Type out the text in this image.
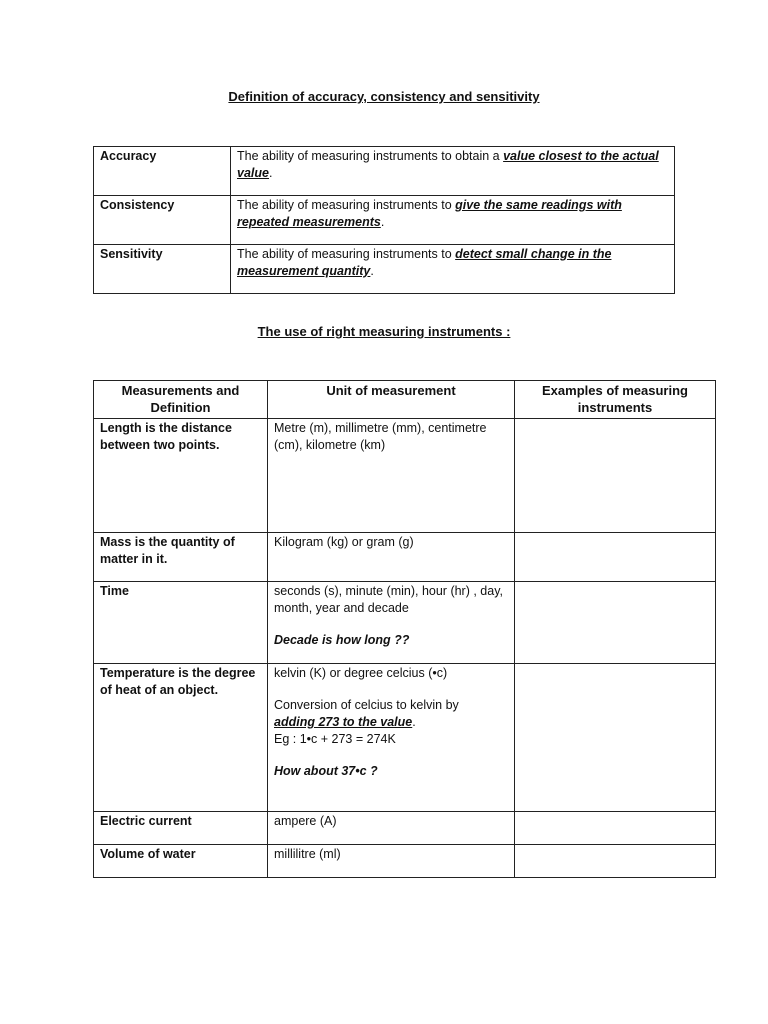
Definition of accuracy, consistency and sensitivity
Accuracy	The ability of measuring instruments to obtain a value closest to the actual value.
Consistency	The ability of measuring instruments to give the same readings with repeated measurements.
Sensitivity	The ability of measuring instruments to detect small change in the measurement quantity.
The use of right measuring instruments :
Measurements and Definition	Unit of measurement	Examples of measuring instruments
Length is the distance between two points.	Metre (m), millimetre (mm), centimetre (cm), kilometre (km)	
Mass is the quantity of matter in it.	Kilogram (kg) or gram (g)	
Time	seconds (s), minute (min), hour (hr) , day, month, year and decade
Decade is how long ??	

Temperature is the degree of heat of an object.	kelvin (K) or degree celcius (•c)
Conversion of celcius to kelvin by
adding 273 to the value.
Eg : 1•c + 273 = 274K
How about 37•c ?	

Electric current	ampere (A)	
Volume of water	millilitre (ml)	
